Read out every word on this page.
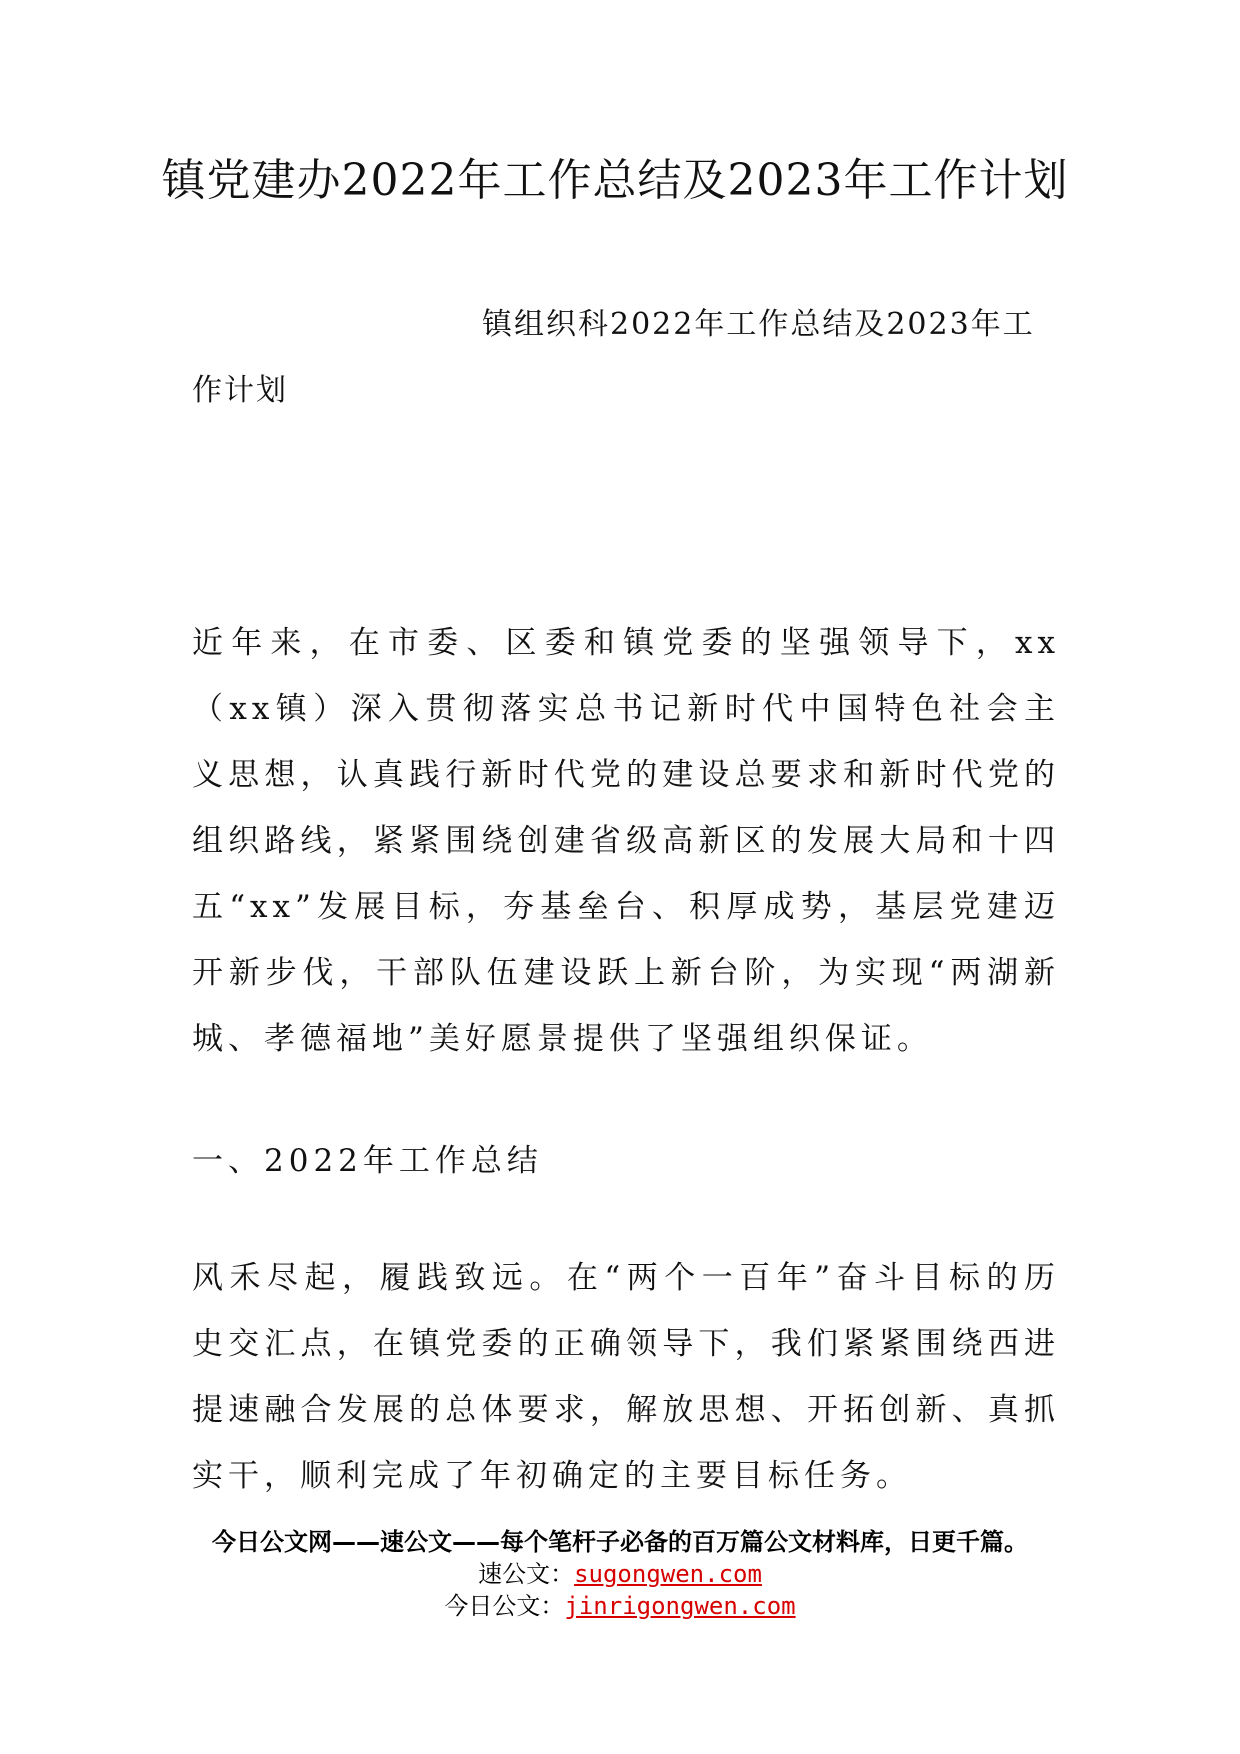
镇党建办2022年工作总结及2023年工作计划

镇组织科2022年工作总结及2023年工作计划

近年来，在市委、区委和镇党委的坚强领导下，xx（xx镇）深入贯彻落实总书记新时代中国特色社会主义思想，认真践行新时代党的建设总要求和新时代党的组织路线，紧紧围绕创建省级高新区的发展大局和十四五“xx”发展目标，夯基垒台、积厚成势，基层党建迈开新步伐，干部队伍建设跃上新台阶，为实现“两湖新城、孝德福地”美好愿景提供了坚强组织保证。

一、2022年工作总结

风禾尽起，履践致远。在“两个一百年”奋斗目标的历史交汇点，在镇党委的正确领导下，我们紧紧围绕西进提速融合发展的总体要求，解放思想、开拓创新、真抓实干，顺利完成了年初确定的主要目标任务。

今日公文网——速公文——每个笔杆子必备的百万篇公文材料库，日更千篇。
速公文：sugongwen.com
今日公文：jinrigongwen.com
